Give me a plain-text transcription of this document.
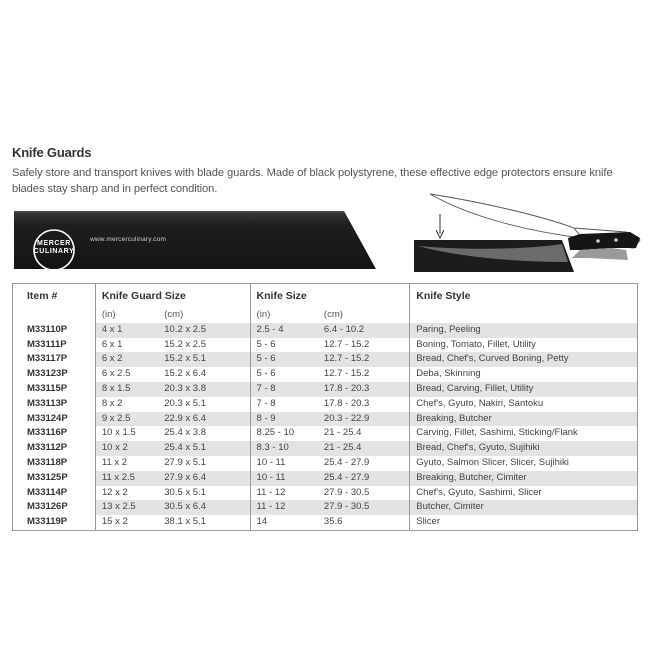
Knife Guards
Safely store and transport knives with blade guards. Made of black polystyrene, these effective edge protectors ensure knife blades stay sharp and in perfect condition.
MERCER
CULINARY
www.mercerculinary.com
Item #	Knife Guard Size		Knife Size		Knife Style
	(in)	(cm)	(in)	(cm)	
M33110P	4 x 1	10.2 x 2.5	2.5 - 4	6.4 - 10.2	Paring, Peeling
M33111P	6 x 1	15.2 x 2.5	5 - 6	12.7 - 15.2	Boning, Tomato, Fillet, Utility
M33117P	6 x 2	15.2 x 5.1	5 - 6	12.7 - 15.2	Bread, Chef's, Curved Boning, Petty
M33123P	6 x 2.5	15.2 x 6.4	5 - 6	12.7 - 15.2	Deba, Skinning
M33115P	8 x 1.5	20.3 x 3.8	7 - 8	17.8 - 20.3	Bread, Carving, Fillet, Utility
M33113P	8 x 2	20.3 x 5.1	7 - 8	17.8 - 20.3	Chef's, Gyuto, Nakiri, Santoku
M33124P	9 x 2.5	22.9 x 6.4	8 - 9	20.3 - 22.9	Breaking, Butcher
M33116P	10 x 1.5	25.4 x 3.8	8.25 - 10	21 - 25.4	Carving, Fillet, Sashimi, Sticking/Flank
M33112P	10 x 2	25.4 x 5.1	8.3 - 10	21 - 25.4	Bread, Chef's, Gyuto, Sujihiki
M33118P	11 x 2	27.9 x 5.1	10 - 11	25.4 - 27.9	Gyuto, Salmon Slicer, Slicer, Sujihiki
M33125P	11 x 2.5	27.9 x 6.4	10 - 11	25.4 - 27.9	Breaking, Butcher, Cimiter
M33114P	12 x 2	30.5 x 5.1	11 - 12	27.9 - 30.5	Chef's, Gyuto, Sashimi, Slicer
M33126P	13 x 2.5	30.5 x 6.4	11 - 12	27.9 - 30.5	Butcher, Cimiter
M33119P	15 x 2	38.1 x 5.1	14	35.6	Slicer
